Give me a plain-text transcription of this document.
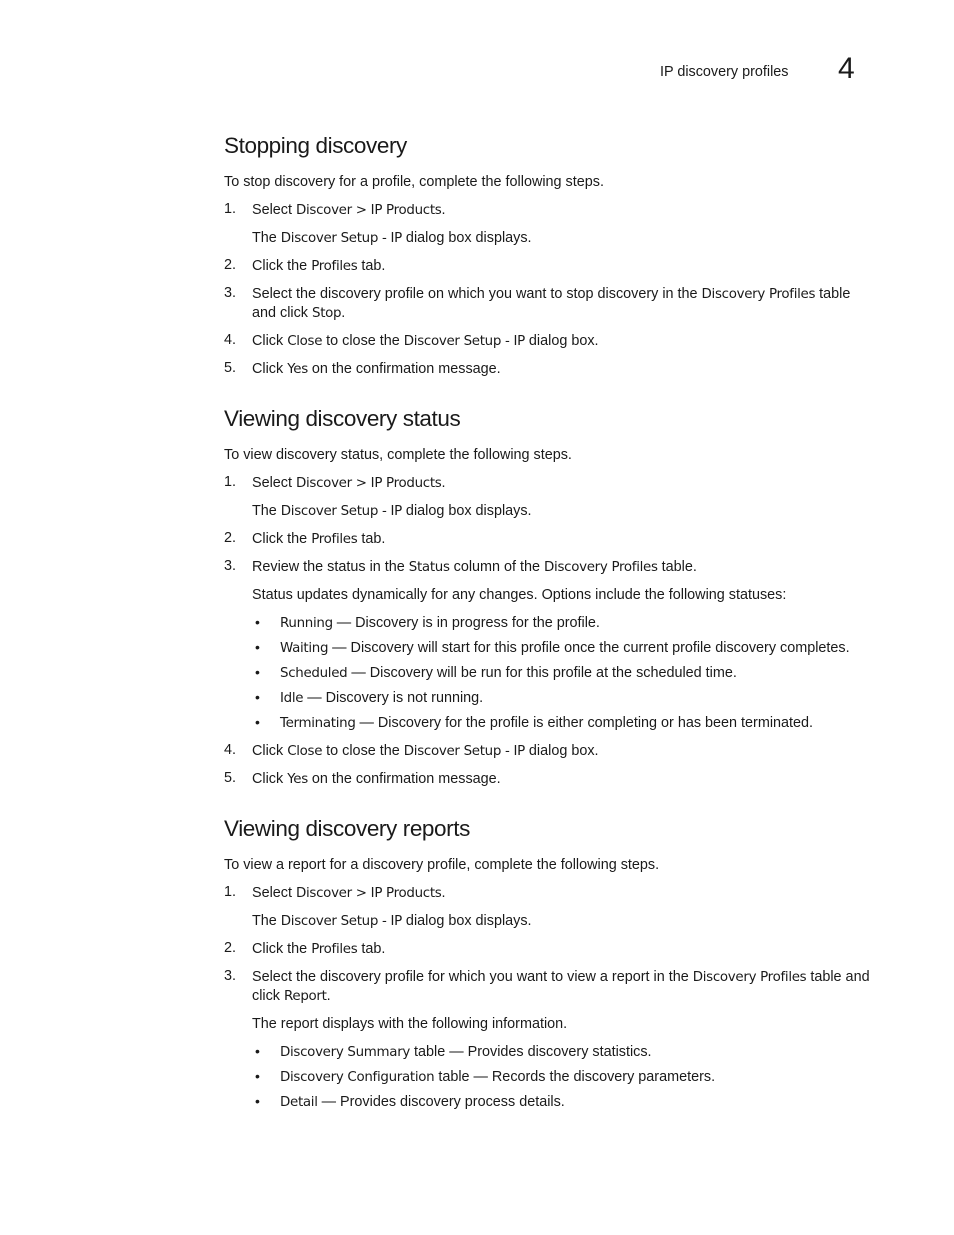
IP discovery profiles 4
Stopping discovery
To stop discovery for a profile, complete the following steps.
1.	Select Discover > IP Products.
The Discover Setup - IP dialog box displays.
2.	Click the Profiles tab.
3.	Select the discovery profile on which you want to stop discovery in the Discovery Profiles table and click Stop.
4.	Click Close to close the Discover Setup - IP dialog box.
5.	Click Yes on the confirmation message.
Viewing discovery status
To view discovery status, complete the following steps.
1.	Select Discover > IP Products.
The Discover Setup - IP dialog box displays.
2.	Click the Profiles tab.
3.	Review the status in the Status column of the Discovery Profiles table.
Status updates dynamically for any changes. Options include the following statuses:
• Running — Discovery is in progress for the profile.
• Waiting — Discovery will start for this profile once the current profile discovery completes.
• Scheduled — Discovery will be run for this profile at the scheduled time.
• Idle — Discovery is not running.
• Terminating — Discovery for the profile is either completing or has been terminated.
4.	Click Close to close the Discover Setup - IP dialog box.
5.	Click Yes on the confirmation message.
Viewing discovery reports
To view a report for a discovery profile, complete the following steps.
1.	Select Discover > IP Products.
The Discover Setup - IP dialog box displays.
2.	Click the Profiles tab.
3.	Select the discovery profile for which you want to view a report in the Discovery Profiles table and click Report.
The report displays with the following information.
• Discovery Summary table — Provides discovery statistics.
• Discovery Configuration table — Records the discovery parameters.
• Detail — Provides discovery process details.
